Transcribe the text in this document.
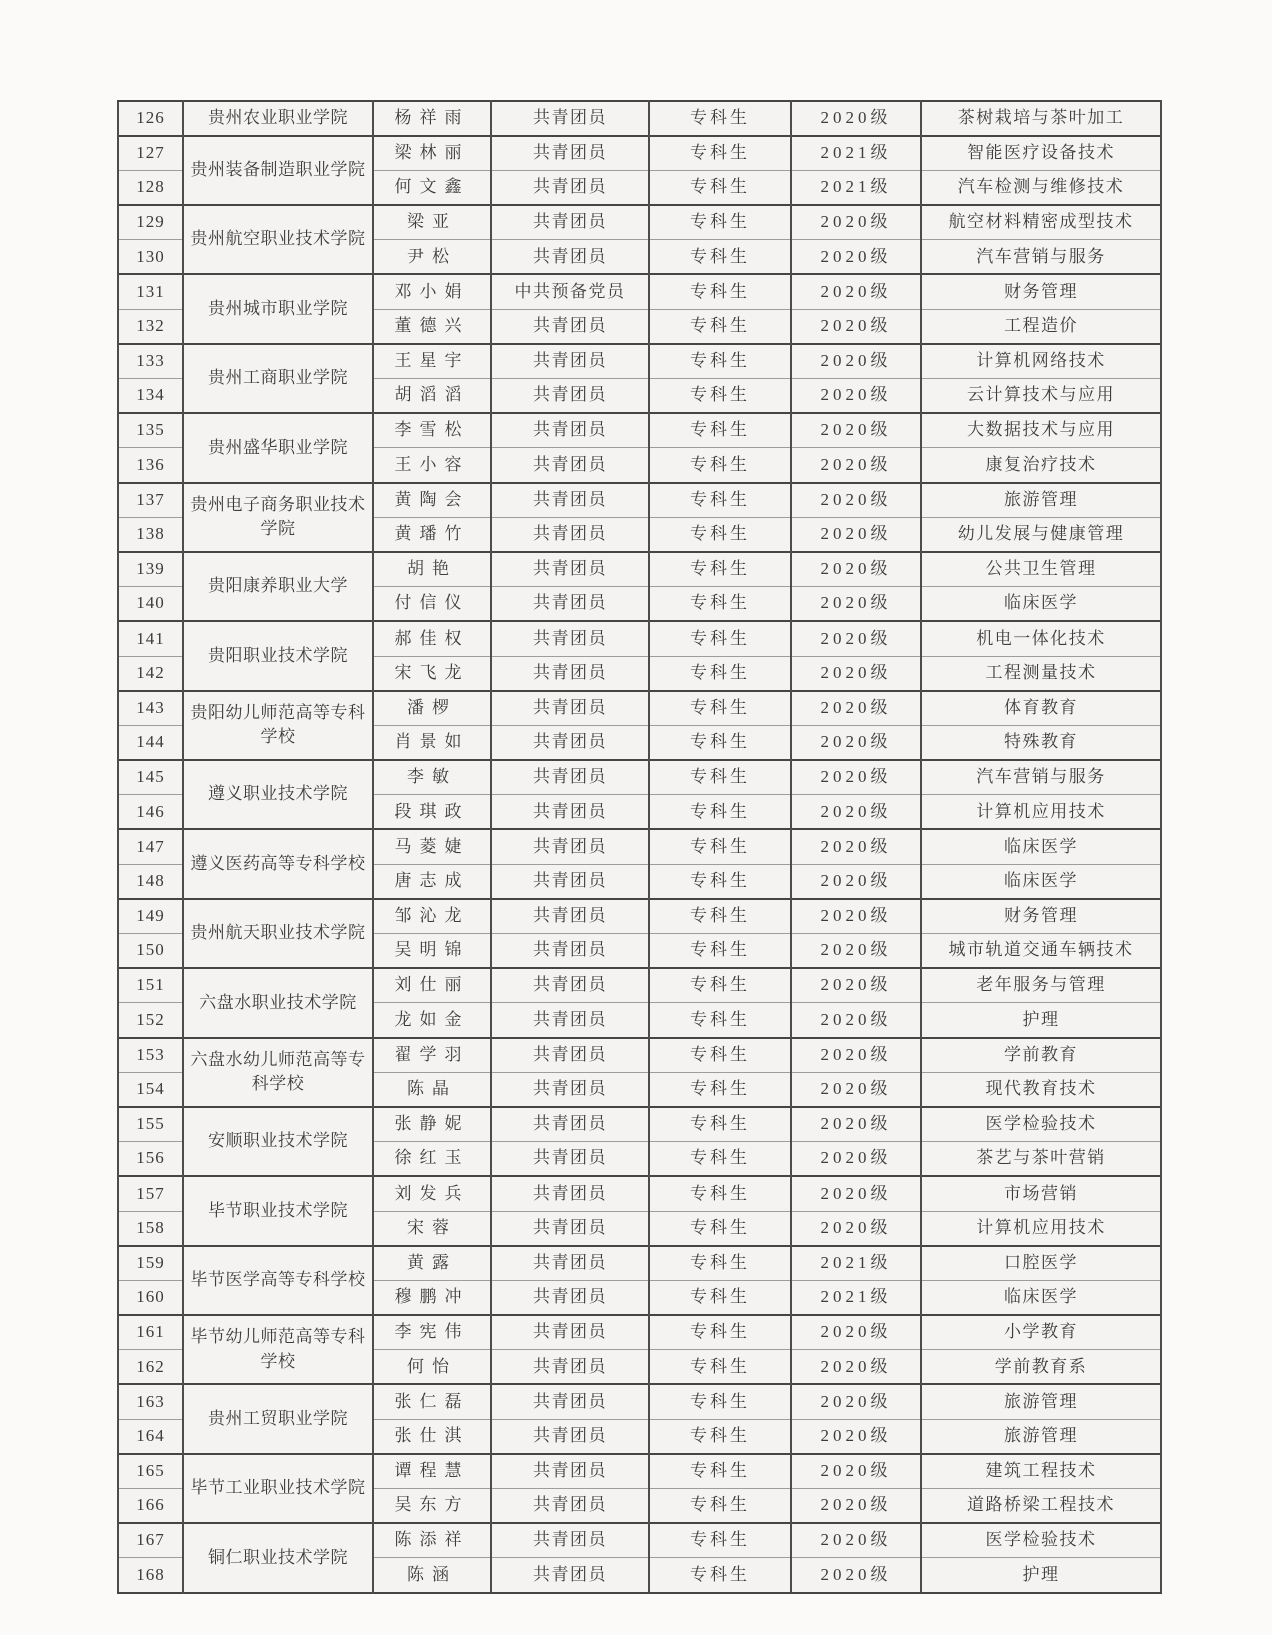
126	贵州农业职业学院	杨祥雨	共青团员	专科生	2020级	茶树栽培与茶叶加工
127	贵州装备制造职业学院	梁林丽	共青团员	专科生	2021级	智能医疗设备技术
128		何文鑫	共青团员	专科生	2021级	汽车检测与维修技术
129	贵州航空职业技术学院	梁亚	共青团员	专科生	2020级	航空材料精密成型技术
130		尹松	共青团员	专科生	2020级	汽车营销与服务
131	贵州城市职业学院	邓小娟	中共预备党员	专科生	2020级	财务管理
132		董德兴	共青团员	专科生	2020级	工程造价
133	贵州工商职业学院	王星宇	共青团员	专科生	2020级	计算机网络技术
134		胡滔滔	共青团员	专科生	2020级	云计算技术与应用
135	贵州盛华职业学院	李雪松	共青团员	专科生	2020级	大数据技术与应用
136		王小容	共青团员	专科生	2020级	康复治疗技术
137	贵州电子商务职业技术学院	黄陶会	共青团员	专科生	2020级	旅游管理
138		黄璠竹	共青团员	专科生	2020级	幼儿发展与健康管理
139	贵阳康养职业大学	胡艳	共青团员	专科生	2020级	公共卫生管理
140		付信仪	共青团员	专科生	2020级	临床医学
141	贵阳职业技术学院	郝佳权	共青团员	专科生	2020级	机电一体化技术
142		宋飞龙	共青团员	专科生	2020级	工程测量技术
143	贵阳幼儿师范高等专科学校	潘椤	共青团员	专科生	2020级	体育教育
144		肖景如	共青团员	专科生	2020级	特殊教育
145	遵义职业技术学院	李敏	共青团员	专科生	2020级	汽车营销与服务
146		段琪政	共青团员	专科生	2020级	计算机应用技术
147	遵义医药高等专科学校	马菱婕	共青团员	专科生	2020级	临床医学
148		唐志成	共青团员	专科生	2020级	临床医学
149	贵州航天职业技术学院	邹沁龙	共青团员	专科生	2020级	财务管理
150		吴明锦	共青团员	专科生	2020级	城市轨道交通车辆技术
151	六盘水职业技术学院	刘仕丽	共青团员	专科生	2020级	老年服务与管理
152		龙如金	共青团员	专科生	2020级	护理
153	六盘水幼儿师范高等专科学校	翟学羽	共青团员	专科生	2020级	学前教育
154		陈晶	共青团员	专科生	2020级	现代教育技术
155	安顺职业技术学院	张静妮	共青团员	专科生	2020级	医学检验技术
156		徐红玉	共青团员	专科生	2020级	茶艺与茶叶营销
157	毕节职业技术学院	刘发兵	共青团员	专科生	2020级	市场营销
158		宋蓉	共青团员	专科生	2020级	计算机应用技术
159	毕节医学高等专科学校	黄露	共青团员	专科生	2021级	口腔医学
160		穆鹏冲	共青团员	专科生	2021级	临床医学
161	毕节幼儿师范高等专科学校	李宪伟	共青团员	专科生	2020级	小学教育
162		何怡	共青团员	专科生	2020级	学前教育系
163	贵州工贸职业学院	张仁磊	共青团员	专科生	2020级	旅游管理
164		张仕淇	共青团员	专科生	2020级	旅游管理
165	毕节工业职业技术学院	谭程慧	共青团员	专科生	2020级	建筑工程技术
166		吴东方	共青团员	专科生	2020级	道路桥梁工程技术
167	铜仁职业技术学院	陈添祥	共青团员	专科生	2020级	医学检验技术
168		陈涵	共青团员	专科生	2020级	护理
